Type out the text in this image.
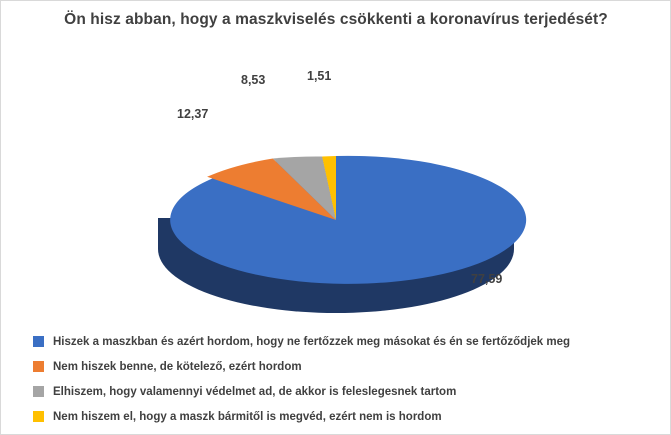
Ön hisz abban, hogy a maszkviselés csökkenti a koronavírus terjedését?
77,59
12,37
8,53	1,51
Hiszek a maszkban és azért hordom, hogy ne fertőzzek meg másokat és én se fertőződjek meg
Nem hiszek benne, de kötelező, ezért hordom
Elhiszem, hogy valamennyi védelmet ad, de akkor is feleslegesnek tartom
Nem hiszem el, hogy a maszk bármitől is megvéd, ezért nem is hordom
